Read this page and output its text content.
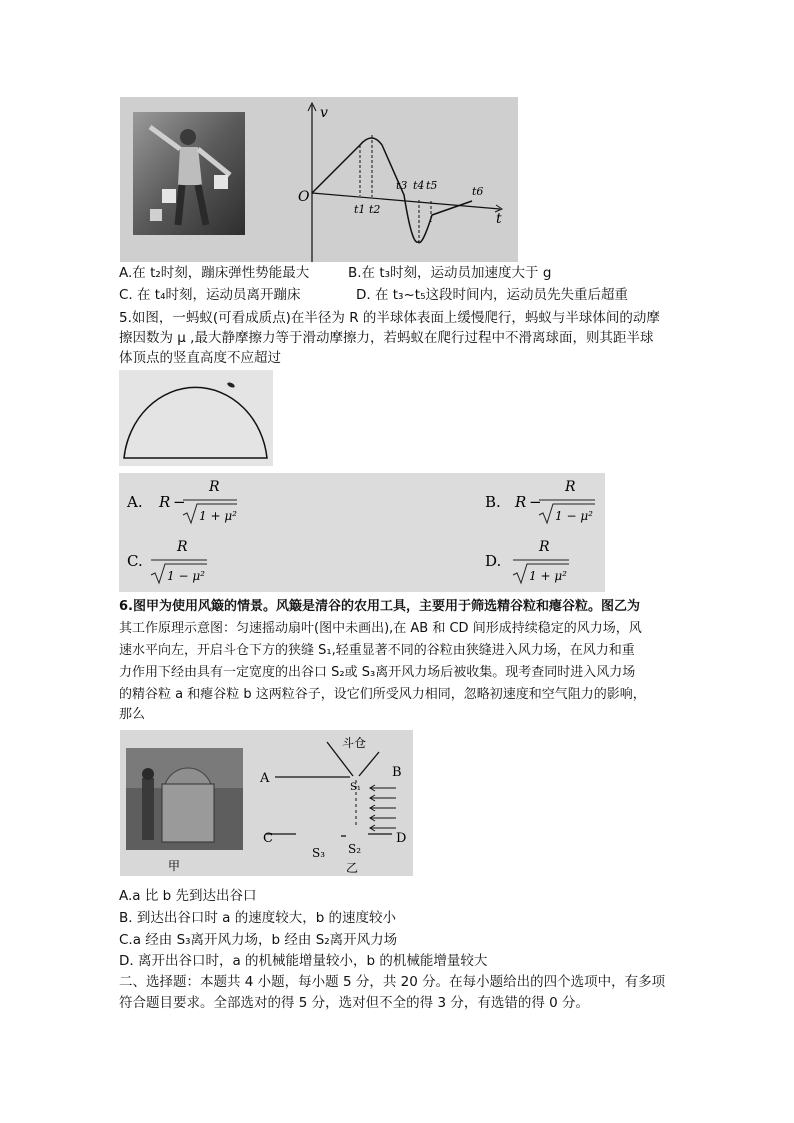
v
t
O
t1 t2
t3 t4 t5	t6
A.在 t₂时刻，蹦床弹性势能最大	B.在 t₃时刻，运动员加速度大于 g
C. 在 t₄时刻，运动员离开蹦床	D. 在 t₃~t₅这段时间内，运动员先失重后超重
5.如图，一蚂蚁(可看成质点)在半径为 R 的半球体表面上缓慢爬行，蚂蚁与半球体间的动摩
擦因数为 μ ,最大静摩擦力等于滑动摩擦力，若蚂蚁在爬行过程中不滑离球面，则其距半球
体顶点的竖直高度不应超过
A. R −
R
1 + μ²
B. R −
R
1 − μ²
C.
R
1 − μ²
D.
R
1 + μ²
6.图甲为使用风簸的情景。风簸是清谷的农用工具，主要用于筛选精谷粒和瘪谷粒。图乙为
其工作原理示意图：匀速摇动扇叶(图中未画出),在 AB 和 CD 间形成持续稳定的风力场，风
速水平向左，开启斗仓下方的狭缝 S₁,轻重显著不同的谷粒由狭缝进入风力场，在风力和重
力作用下经由具有一定宽度的出谷口 S₂或 S₃离开风力场后被收集。现考查同时进入风力场
的精谷粒 a 和瘪谷粒 b 这两粒谷子，设它们所受风力相同，忽略初速度和空气阻力的影响，
那么
甲
斗仓
A	B
C	D
S₁
S₂
S₃
乙
A.a 比 b 先到达出谷口
B. 到达出谷口时 a 的速度较大，b 的速度较小
C.a 经由 S₃离开风力场，b 经由 S₂离开风力场
D. 离开出谷口时，a 的机械能增量较小，b 的机械能增量较大
二、选择题：本题共 4 小题，每小题 5 分，共 20 分。在每小题给出的四个选项中，有多项
符合题目要求。全部选对的得 5 分，选对但不全的得 3 分，有选错的得 0 分。
